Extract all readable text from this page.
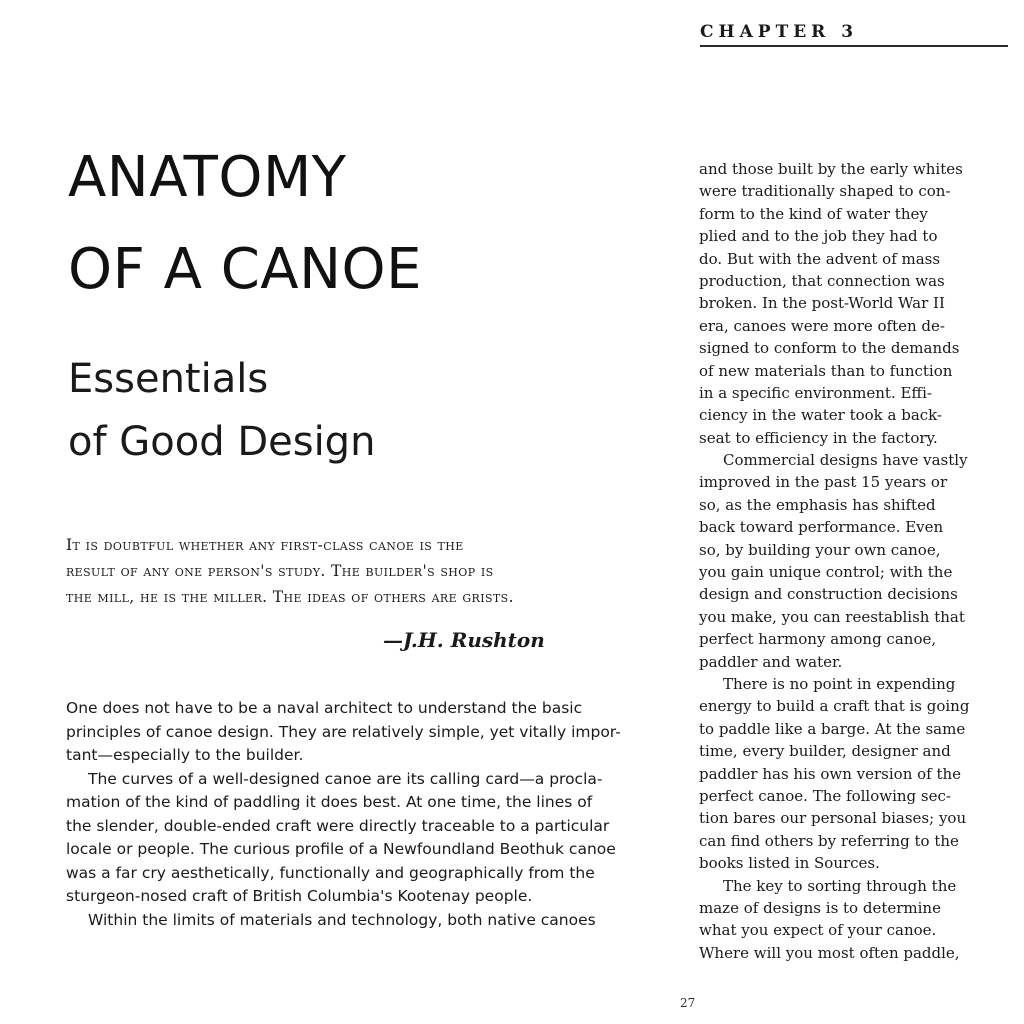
CHAPTER 3
ANATOMY
OF A CANOE
Essentials
of Good Design
It is doubtful whether any first-class canoe is the
result of any one person's study. The builder's shop is
the mill, he is the miller. The ideas of others are grists.
—J.H. Rushton
One does not have to be a naval architect to understand the basic
principles of canoe design. They are relatively simple, yet vitally impor-
tant—especially to the builder.
The curves of a well-designed canoe are its calling card—a procla-
mation of the kind of paddling it does best. At one time, the lines of
the slender, double-ended craft were directly traceable to a particular
locale or people. The curious profile of a Newfoundland Beothuk canoe
was a far cry aesthetically, functionally and geographically from the
sturgeon-nosed craft of British Columbia's Kootenay people.
Within the limits of materials and technology, both native canoes
and those built by the early whites
were traditionally shaped to con-
form to the kind of water they
plied and to the job they had to
do. But with the advent of mass
production, that connection was
broken. In the post-World War II
era, canoes were more often de-
signed to conform to the demands
of new materials than to function
in a specific environment. Effi-
ciency in the water took a back-
seat to efficiency in the factory.
Commercial designs have vastly
improved in the past 15 years or
so, as the emphasis has shifted
back toward performance. Even
so, by building your own canoe,
you gain unique control; with the
design and construction decisions
you make, you can reestablish that
perfect harmony among canoe,
paddler and water.
There is no point in expending
energy to build a craft that is going
to paddle like a barge. At the same
time, every builder, designer and
paddler has his own version of the
perfect canoe. The following sec-
tion bares our personal biases; you
can find others by referring to the
books listed in Sources.
The key to sorting through the
maze of designs is to determine
what you expect of your canoe.
Where will you most often paddle,
27
